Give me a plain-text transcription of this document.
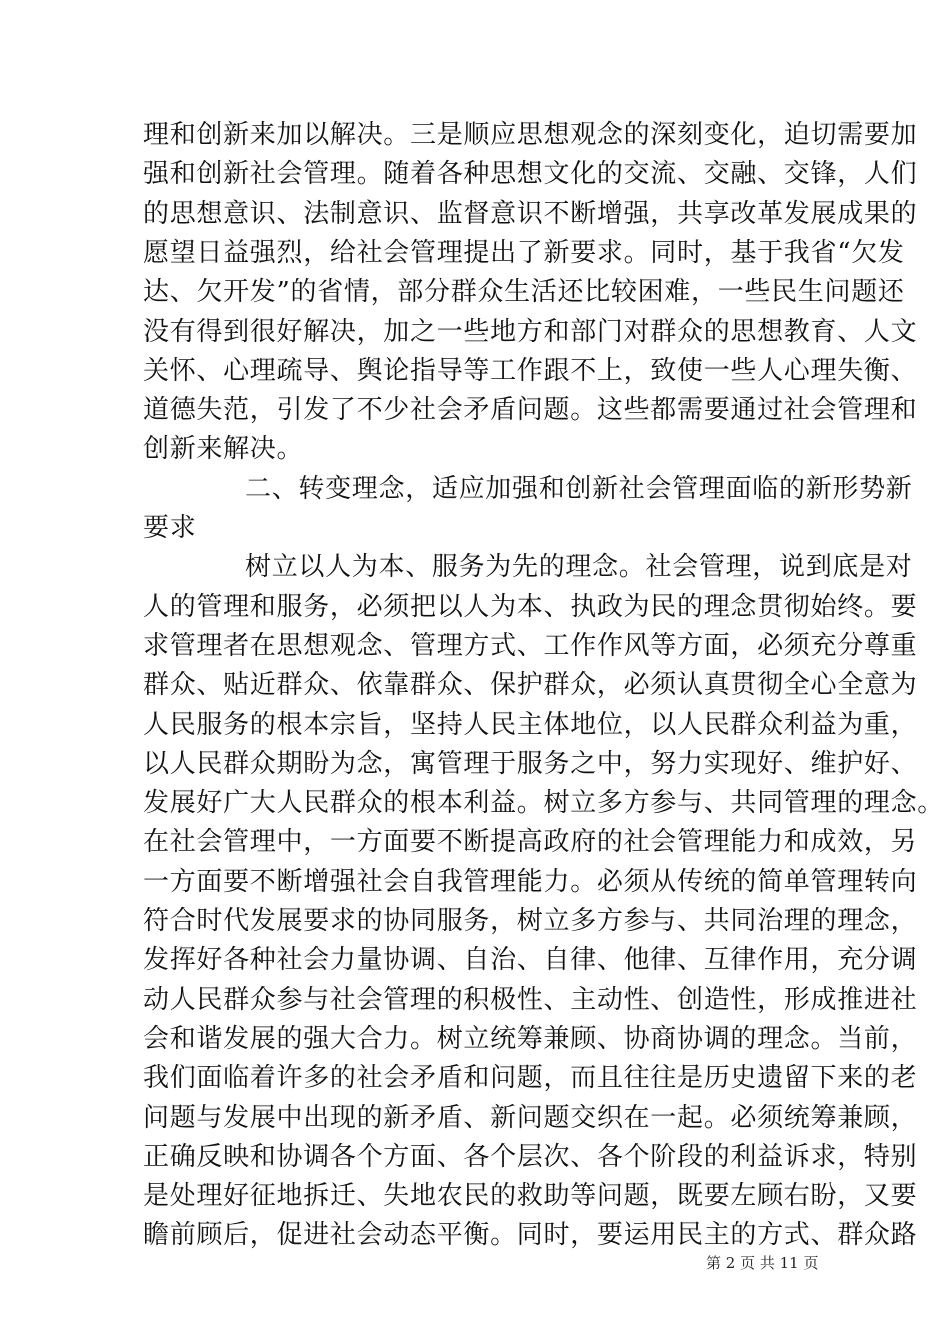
理和创新来加以解决。三是顺应思想观念的深刻变化，迫切需要加
强和创新社会管理。随着各种思想文化的交流、交融、交锋，人们
的思想意识、法制意识、监督意识不断增强，共享改革发展成果的
愿望日益强烈，给社会管理提出了新要求。同时，基于我省“欠发
达、欠开发”的省情，部分群众生活还比较困难，一些民生问题还
没有得到很好解决，加之一些地方和部门对群众的思想教育、人文
关怀、心理疏导、舆论指导等工作跟不上，致使一些人心理失衡、
道德失范，引发了不少社会矛盾问题。这些都需要通过社会管理和
创新来解决。
二、转变理念，适应加强和创新社会管理面临的新形势新
要求
树立以人为本、服务为先的理念。社会管理，说到底是对
人的管理和服务，必须把以人为本、执政为民的理念贯彻始终。要
求管理者在思想观念、管理方式、工作作风等方面，必须充分尊重
群众、贴近群众、依靠群众、保护群众，必须认真贯彻全心全意为
人民服务的根本宗旨，坚持人民主体地位，以人民群众利益为重，
以人民群众期盼为念，寓管理于服务之中，努力实现好、维护好、
发展好广大人民群众的根本利益。树立多方参与、共同管理的理念。
在社会管理中，一方面要不断提高政府的社会管理能力和成效，另
一方面要不断增强社会自我管理能力。必须从传统的简单管理转向
符合时代发展要求的协同服务，树立多方参与、共同治理的理念，
发挥好各种社会力量协调、自治、自律、他律、互律作用，充分调
动人民群众参与社会管理的积极性、主动性、创造性，形成推进社
会和谐发展的强大合力。树立统筹兼顾、协商协调的理念。当前，
我们面临着许多的社会矛盾和问题，而且往往是历史遗留下来的老
问题与发展中出现的新矛盾、新问题交织在一起。必须统筹兼顾，
正确反映和协调各个方面、各个层次、各个阶段的利益诉求，特别
是处理好征地拆迁、失地农民的救助等问题，既要左顾右盼，又要
瞻前顾后，促进社会动态平衡。同时，要运用民主的方式、群众路
第 2 页 共 11 页
